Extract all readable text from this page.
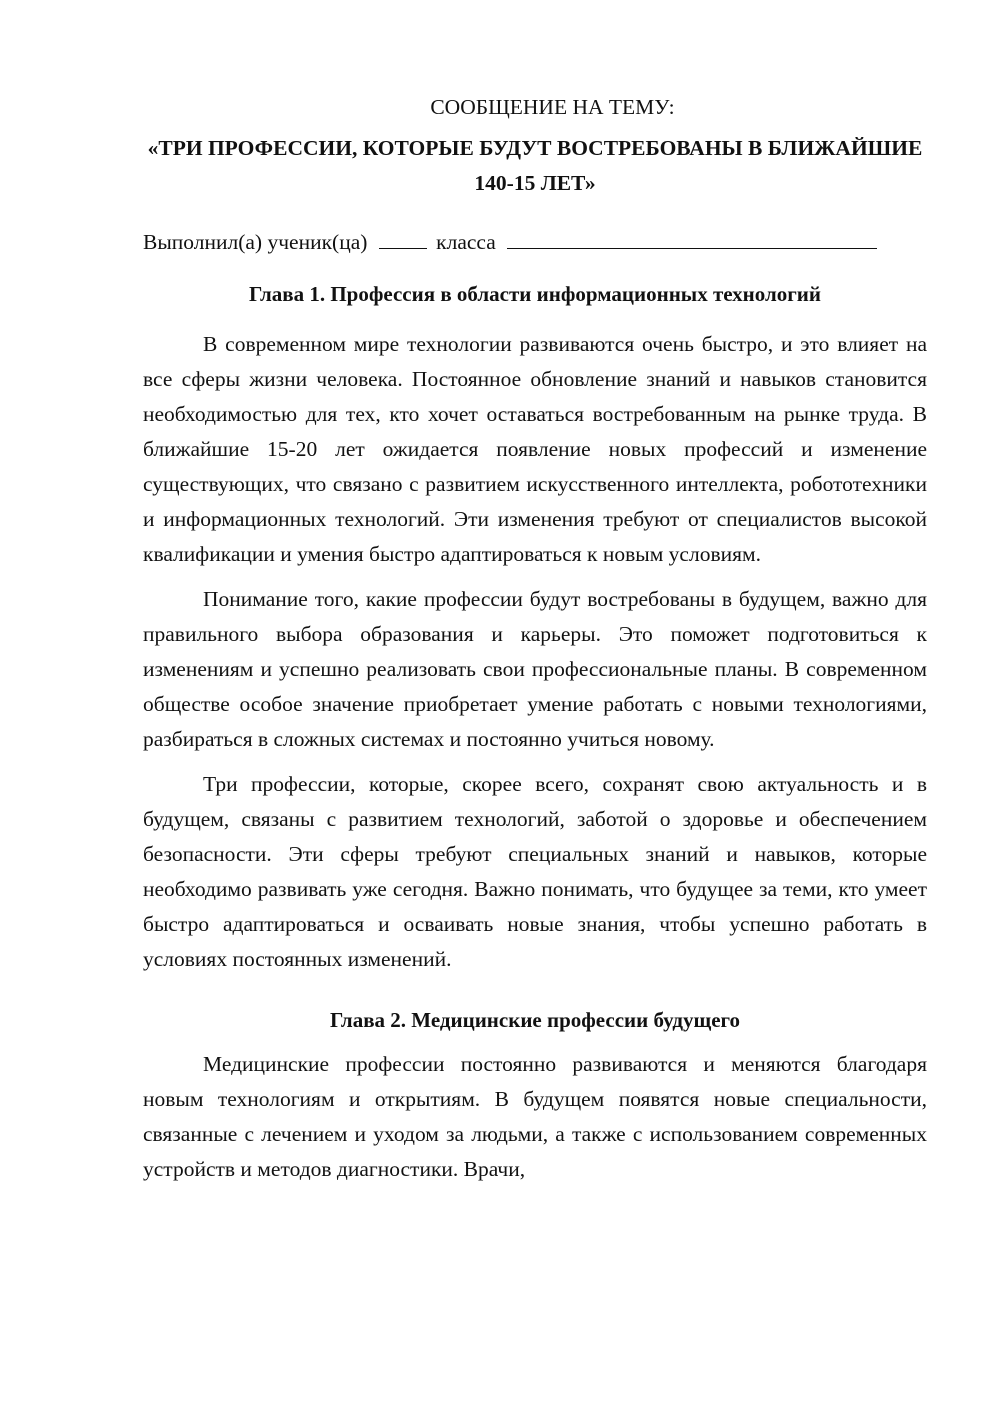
СООБЩЕНИЕ НА ТЕМУ:

«ТРИ ПРОФЕССИИ, КОТОРЫЕ БУДУТ ВОСТРЕБОВАНЫ В БЛИЖАЙШИЕ 140-15 ЛЕТ»

Выполнил(а) ученик(ца)	класса

Глава 1. Профессия в области информационных технологий

В современном мире технологии развиваются очень быстро, и это влияет на все сферы жизни человека. Постоянное обновление знаний и навыков становится необходимостью для тех, кто хочет оставаться востребованным на рынке труда. В ближайшие 15-20 лет ожидается появление новых профессий и изменение существующих, что связано с развитием искусственного интеллекта, робототехники и информационных технологий. Эти изменения требуют от специалистов высокой квалификации и умения быстро адаптироваться к новым условиям.

Понимание того, какие профессии будут востребованы в будущем, важно для правильного выбора образования и карьеры. Это поможет подготовиться к изменениям и успешно реализовать свои профессиональные планы. В современном обществе особое значение приобретает умение работать с новыми технологиями, разбираться в сложных системах и постоянно учиться новому.

Три профессии, которые, скорее всего, сохранят свою актуальность и в будущем, связаны с развитием технологий, заботой о здоровье и обеспечением безопасности. Эти сферы требуют специальных знаний и навыков, которые необходимо развивать уже сегодня. Важно понимать, что будущее за теми, кто умеет быстро адаптироваться и осваивать новые знания, чтобы успешно работать в условиях постоянных изменений.

Глава 2. Медицинские профессии будущего

Медицинские профессии постоянно развиваются и меняются благодаря новым технологиям и открытиям. В будущем появятся новые специальности, связанные с лечением и уходом за людьми, а также с использованием современных устройств и методов диагностики. Врачи,
